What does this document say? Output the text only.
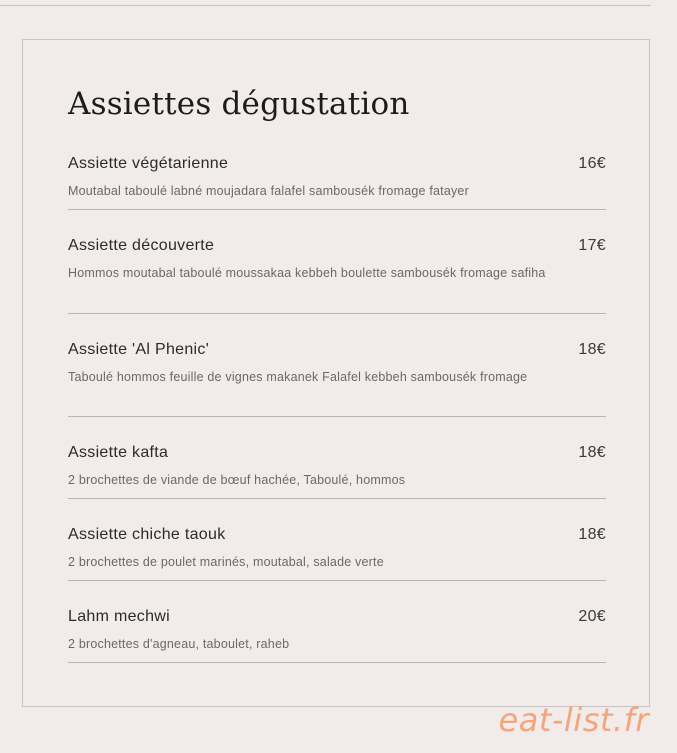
Assiettes dégustation
Assiette végétarienne	16€
Moutabal taboulé labné moujadara falafel sambousék fromage fatayer
Assiette découverte	17€
Hommos moutabal taboulé moussakaa kebbeh boulette sambousék fromage safiha
Assiette 'Al Phenic'	18€
Taboulé hommos feuille de vignes makanek Falafel kebbeh sambousék fromage
Assiette kafta	18€
2 brochettes de viande de bœuf hachée, Taboulé, hommos
Assiette chiche taouk	18€
2 brochettes de poulet marinés, moutabal, salade verte
Lahm mechwi	20€
2 brochettes d'agneau, taboulet, raheb
eat-list.fr
